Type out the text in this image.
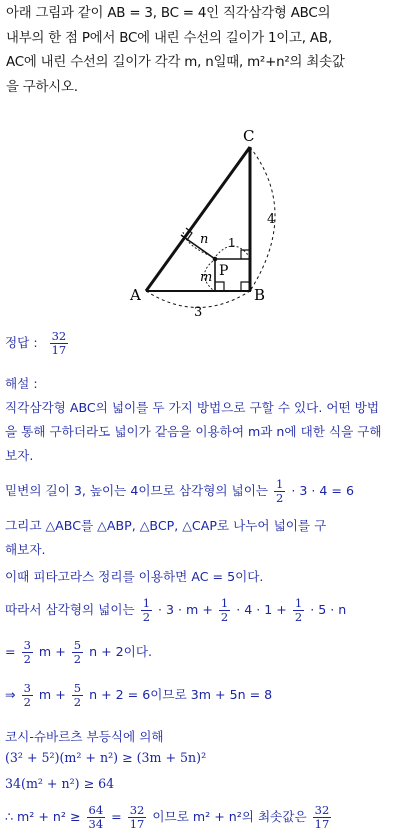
아래 그림과 같이 AB = 3, BC = 4인 직각삼각형 ABC의
내부의 한 점 P에서 BC에 내린 수선의 길이가 1이고, AB,
AC에 내린 수선의 길이가 각각 m, n일때, m²+n²의 최솟값
을 구하시오.
C
A	B
P
n
m
1
4
3
정답 : $\frac{32}{17}$
해설 :
직각삼각형 ABC의 넓이를 두 가지 방법으로 구할 수 있다. 어떤 방법
을 통해 구하더라도 넓이가 같음을 이용하여 m과 n에 대한 식을 구해
보자.
밑변의 길이 3, 높이는 4이므로 삼각형의 넓이는 $\frac{1}{2} \cdot 3 \cdot 4 = 6$
그리고 △ABC를 △ABP, △BCP, △CAP로 나누어 넓이를 구
해보자.
이때 피타고라스 정리를 이용하면 AC = 5이다.
따라서 삼각형의 넓이는 $\frac{1}{2} \cdot 3 \cdot m + \frac{1}{2} \cdot 4 \cdot 1 + \frac{1}{2} \cdot 5 \cdot n$
= $\frac{3}{2}$ $m + \frac{5}{2}$ n + 2이다.
⇒ $\frac{3}{2}$ $m + \frac{5}{2}$ n + 2 = 6이므로 3m + 5n = 8
코시-슈바르츠 부등식에 의해
(3² + 5²)(m² + n²) ≥ (3m + 5n)²
34(m² + n²) ≥ 64
∴ $m^2 + n^2 \ge \frac{64}{34} = \frac{32}{17}$ 이므로 m² + n²의 최솟값은 $\frac{32}{17}$
